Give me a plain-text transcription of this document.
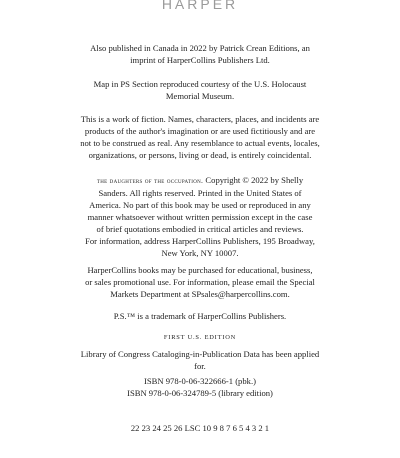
HARPER

Also published in Canada in 2022 by Patrick Crean Editions, an
imprint of HarperCollins Publishers Ltd.

Map in PS Section reproduced courtesy of the U.S. Holocaust
Memorial Museum.

This is a work of fiction. Names, characters, places, and incidents are
products of the author's imagination or are used fictitiously and are
not to be construed as real. Any resemblance to actual events, locales,
organizations, or persons, living or dead, is entirely coincidental.

the daughters of the occupation. Copyright © 2022 by Shelly
Sanders. All rights reserved. Printed in the United States of
America. No part of this book may be used or reproduced in any
manner whatsoever without written permission except in the case
of brief quotations embodied in critical articles and reviews.
For information, address HarperCollins Publishers, 195 Broadway,
New York, NY 10007.

HarperCollins books may be purchased for educational, business,
or sales promotional use. For information, please email the Special
Markets Department at SPsales@harpercollins.com.

P.S.™ is a trademark of HarperCollins Publishers.

FIRST U.S. EDITION

Library of Congress Cataloging-in-Publication Data has been applied
for.

ISBN 978-0-06-322666-1 (pbk.)
ISBN 978-0-06-324789-5 (library edition)

22 23 24 25 26 LSC 10 9 8 7 6 5 4 3 2 1
